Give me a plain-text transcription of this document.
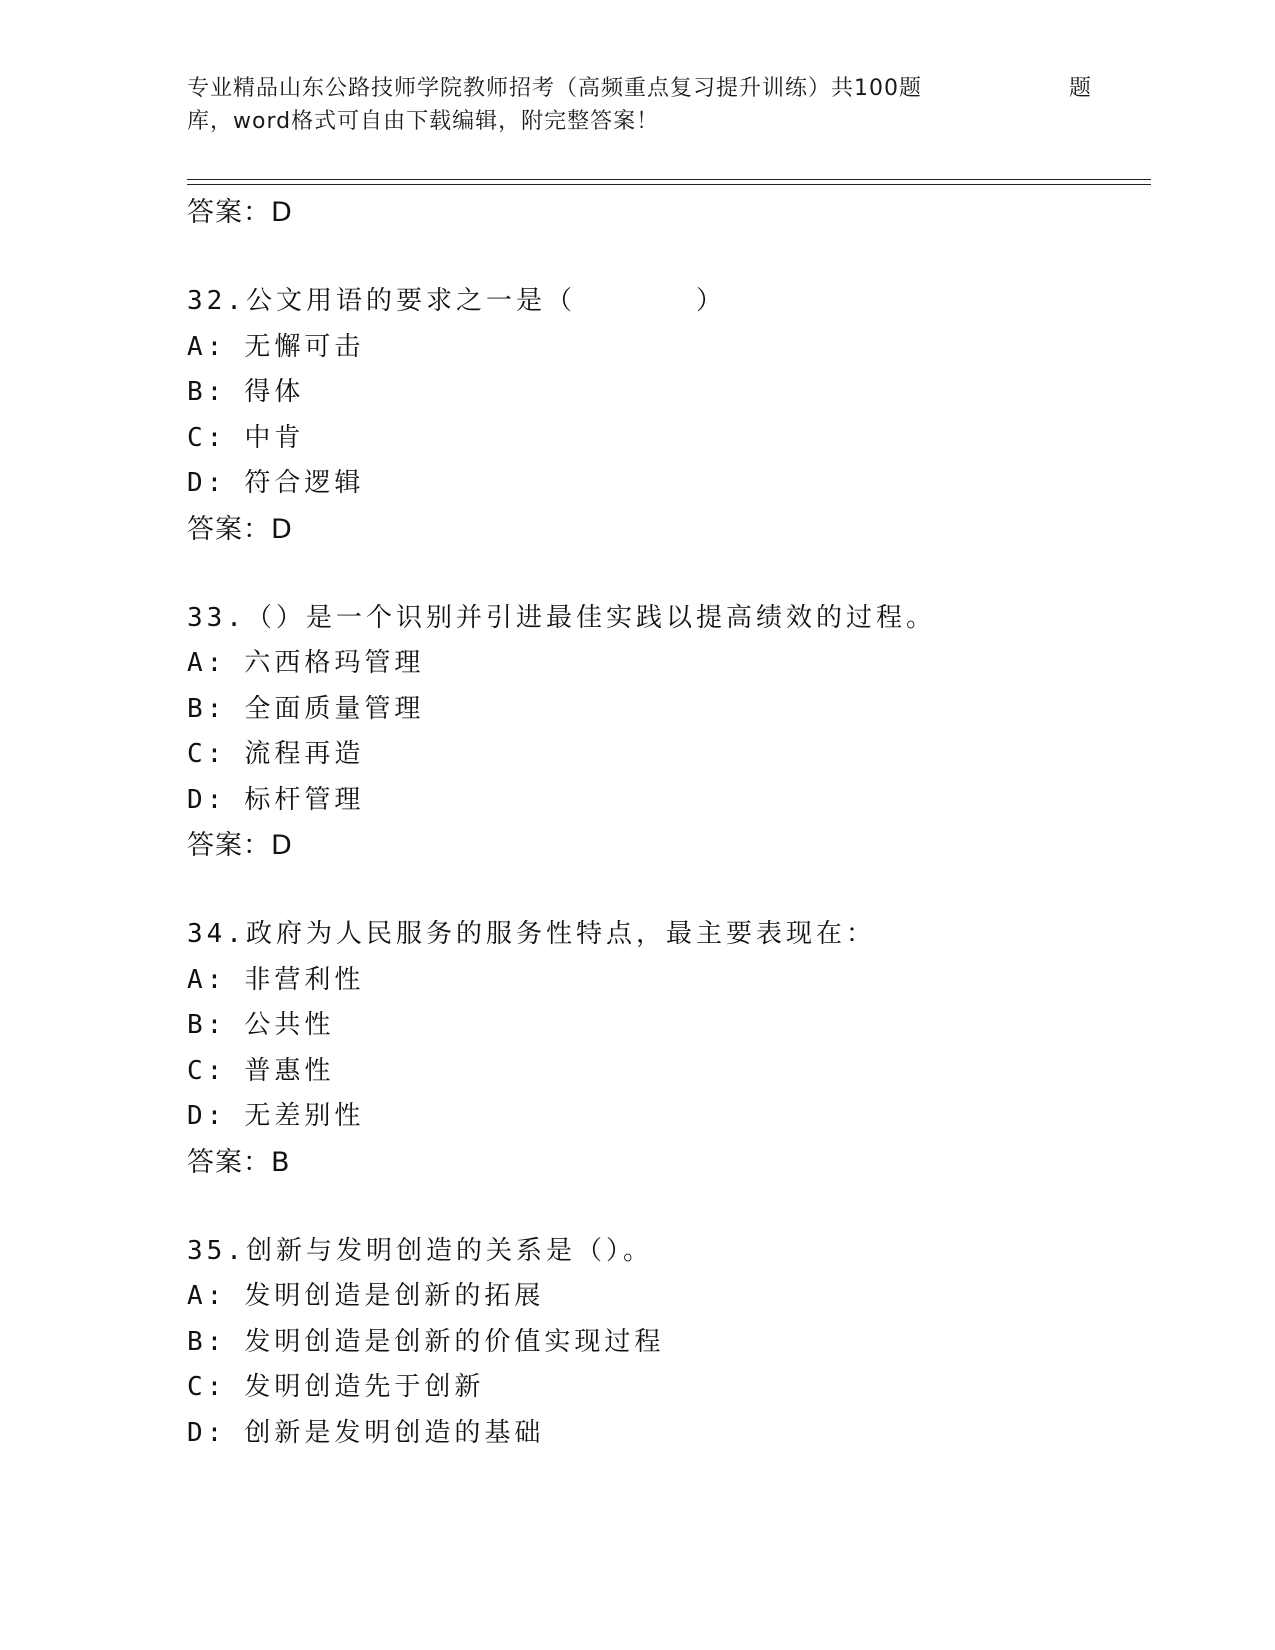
专业精品山东公路技师学院教师招考（高频重点复习提升训练）共100题	题
库，word格式可自由下载编辑，附完整答案！
答案：D
32.公文用语的要求之一是（　　　　）
A: 无懈可击
B: 得体
C: 中肯
D: 符合逻辑
答案：D
33.（）是一个识别并引进最佳实践以提高绩效的过程。
A: 六西格玛管理
B: 全面质量管理
C: 流程再造
D: 标杆管理
答案：D
34.政府为人民服务的服务性特点，最主要表现在：
A: 非营利性
B: 公共性
C: 普惠性
D: 无差别性
答案：B
35.创新与发明创造的关系是（）。
A: 发明创造是创新的拓展
B: 发明创造是创新的价值实现过程
C: 发明创造先于创新
D: 创新是发明创造的基础
